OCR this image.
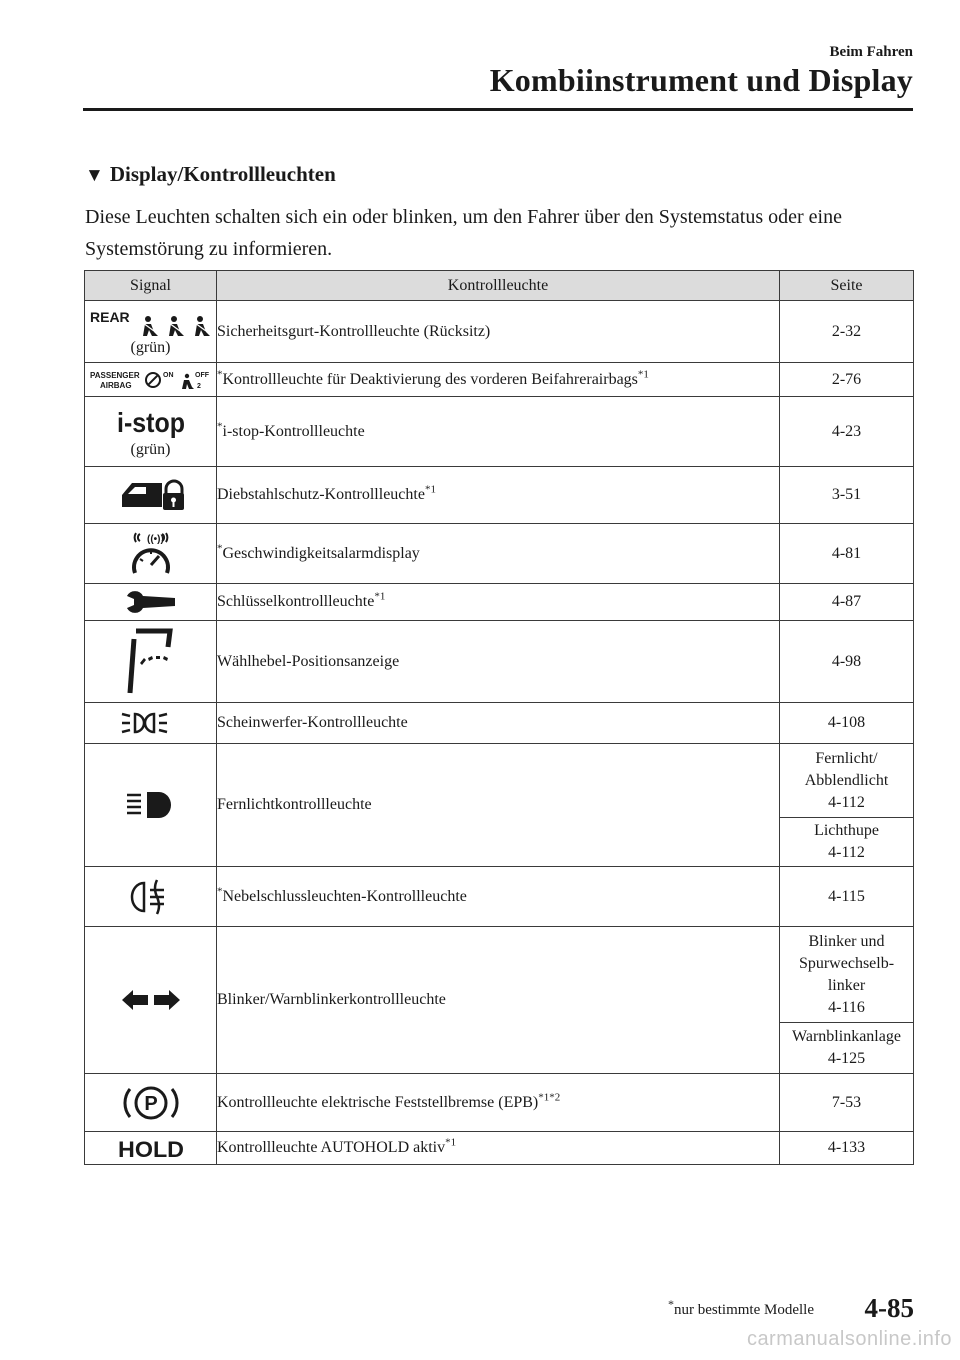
Beim Fahren
Kombiinstrument und Display
▼ Display/Kontrollleuchten
Diese Leuchten schalten sich ein oder blinken, um den Fahrer über den Systemstatus oder eine Systemstörung zu informieren.
Signal	Kontrollleuchte	Seite

REAR
(grün)	Sicherheitsgurt-Kontrollleuchte (Rücksitz)	2-32

PASSENGER
AIRBAG
ON OFF
2	*Kontrollleuchte für Deaktivierung des vorderen Beifahrerairbags$^{*1}$	2-76

i-stop
(grün)	*i-stop-Kontrollleuchte	4-23

	Diebstahlschutz-Kontrollleuchte$^{*1}$	3-51

((•))	*Geschwindigkeitsalarmdisplay	4-81

	Schlüsselkontrollleuchte$^{*1}$	4-87

	Wählhebel-Positionsanzeige	4-98

	Scheinwerfer-Kontrollleuchte	4-108

	Fernlichtkontrollleuchte	Fernlicht/
Abblendlicht
4-112
		Lichthupe
4-112

	*Nebelschlussleuchten-Kontrollleuchte	4-115

	Blinker/Warnblinkerkontrollleuchte	Blinker und
Spurwechselb-
linker
4-116
		Warnblinkanlage
4-125

P	Kontrollleuchte elektrische Feststellbremse (EPB)$^{*1*2}$	7-53

HOLD	Kontrollleuchte AUTOHOLD aktiv$^{*1}$	4-133
*nur bestimmte Modelle 4-85
carmanualsonline.info
